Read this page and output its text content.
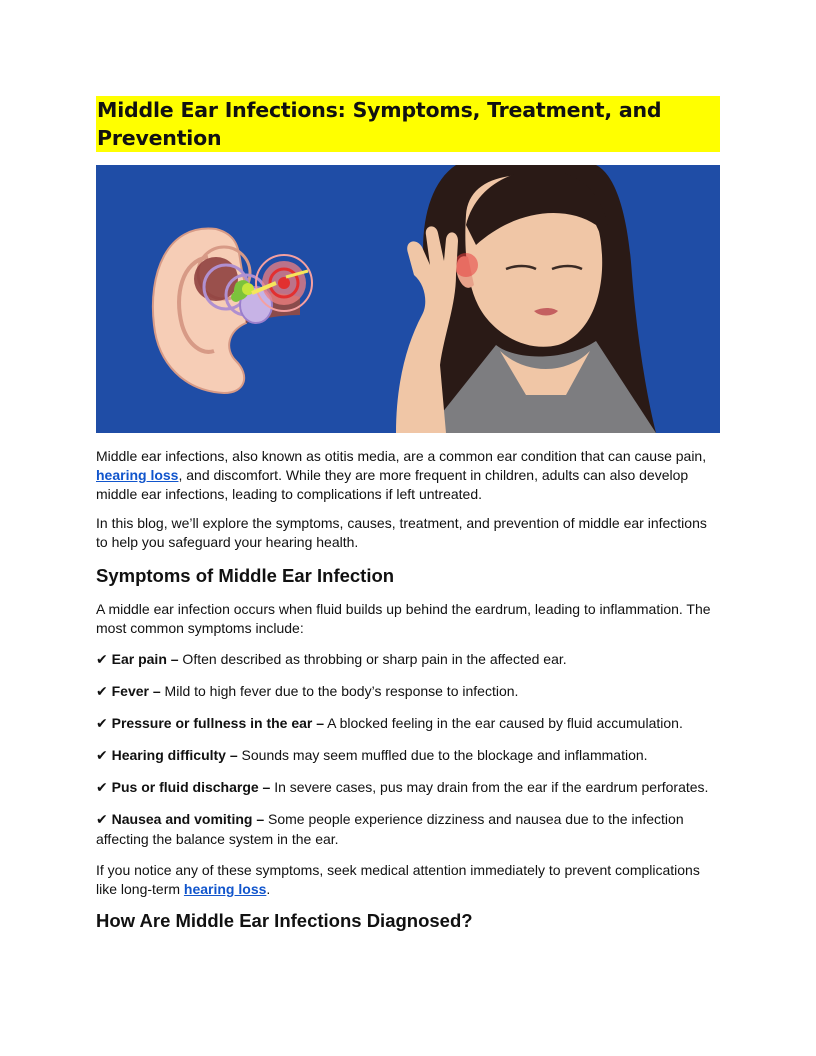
Middle Ear Infections: Symptoms, Treatment, and Prevention

Middle ear infections, also known as otitis media, are a common ear condition that can cause pain, hearing loss, and discomfort. While they are more frequent in children, adults can also develop middle ear infections, leading to complications if left untreated.

In this blog, we’ll explore the symptoms, causes, treatment, and prevention of middle ear infections to help you safeguard your hearing health.

Symptoms of Middle Ear Infection

A middle ear infection occurs when fluid builds up behind the eardrum, leading to inflammation. The most common symptoms include:

✔ Ear pain – Often described as throbbing or sharp pain in the affected ear.

✔ Fever – Mild to high fever due to the body’s response to infection.

✔ Pressure or fullness in the ear – A blocked feeling in the ear caused by fluid accumulation.

✔ Hearing difficulty – Sounds may seem muffled due to the blockage and inflammation.

✔ Pus or fluid discharge – In severe cases, pus may drain from the ear if the eardrum perforates.

✔ Nausea and vomiting – Some people experience dizziness and nausea due to the infection affecting the balance system in the ear.

If you notice any of these symptoms, seek medical attention immediately to prevent complications like long-term hearing loss.

How Are Middle Ear Infections Diagnosed?
